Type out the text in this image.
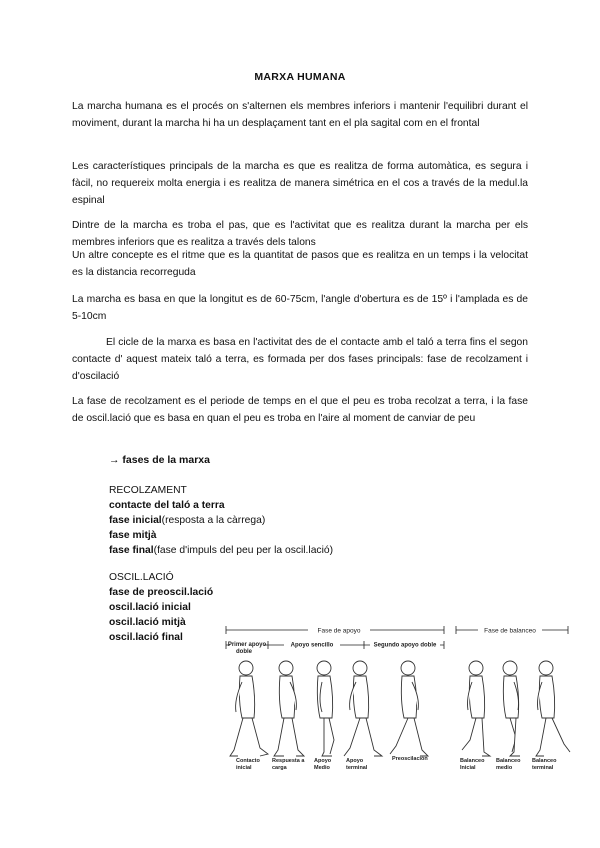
MARXA HUMANA

La marcha humana es el procés on s'alternen els membres inferiors i mantenir l'equilibri durant el moviment, durant la marcha hi ha un desplaçament tant en el pla sagital com en el frontal

Les característiques principals de la marcha es que es realitza de forma automàtica, es segura i fàcil, no requereix molta energia i es realitza de manera simétrica en el cos a través de la medul.la espinal

Dintre de la marcha es troba el pas, que es l'activitat que es realitza durant la marcha per els membres inferiors que es realitza a través dels talons

Un altre concepte es el ritme que es la quantitat de pasos que es realitza en un temps i la velocitat es la distancia recorreguda

La marcha es basa en que la longitut es de 60-75cm, l'angle d'obertura es de 15º i l'amplada es de 5-10cm

El cicle de la marxa es basa en l'activitat des de el contacte amb el taló a terra fins el segon contacte d' aquest mateix taló a terra, es formada per dos fases principals: fase de recolzament i d'oscilació

La fase de recolzament es el periode de temps en el que el peu es troba recolzat a terra, i la fase de oscil.lació que es basa en quan el peu es troba en l'aire al moment de canviar de peu

→ fases de la marxa
RECOLZAMENT
contacte del taló a terra
fase inicial(resposta a la càrrega)
fase mitjà
fase final(fase d'impuls del peu per la oscil.lació)
OSCIL.LACIÓ
fase de preoscil.lació
oscil.lació inicial
oscil.lació mitjà
oscil.lació final
Fase de apoyo	Fase de balanceo
Primer apoyo
doble
Apoyo sencillo	Segundo apoyo doble
Contacto
inicial
Respuesta a
carga
Apoyo
Medio
Apoyo
terminal
Preoscilación	Balanceo
Inicial
Balanceo
medio
Balanceo
terminal
